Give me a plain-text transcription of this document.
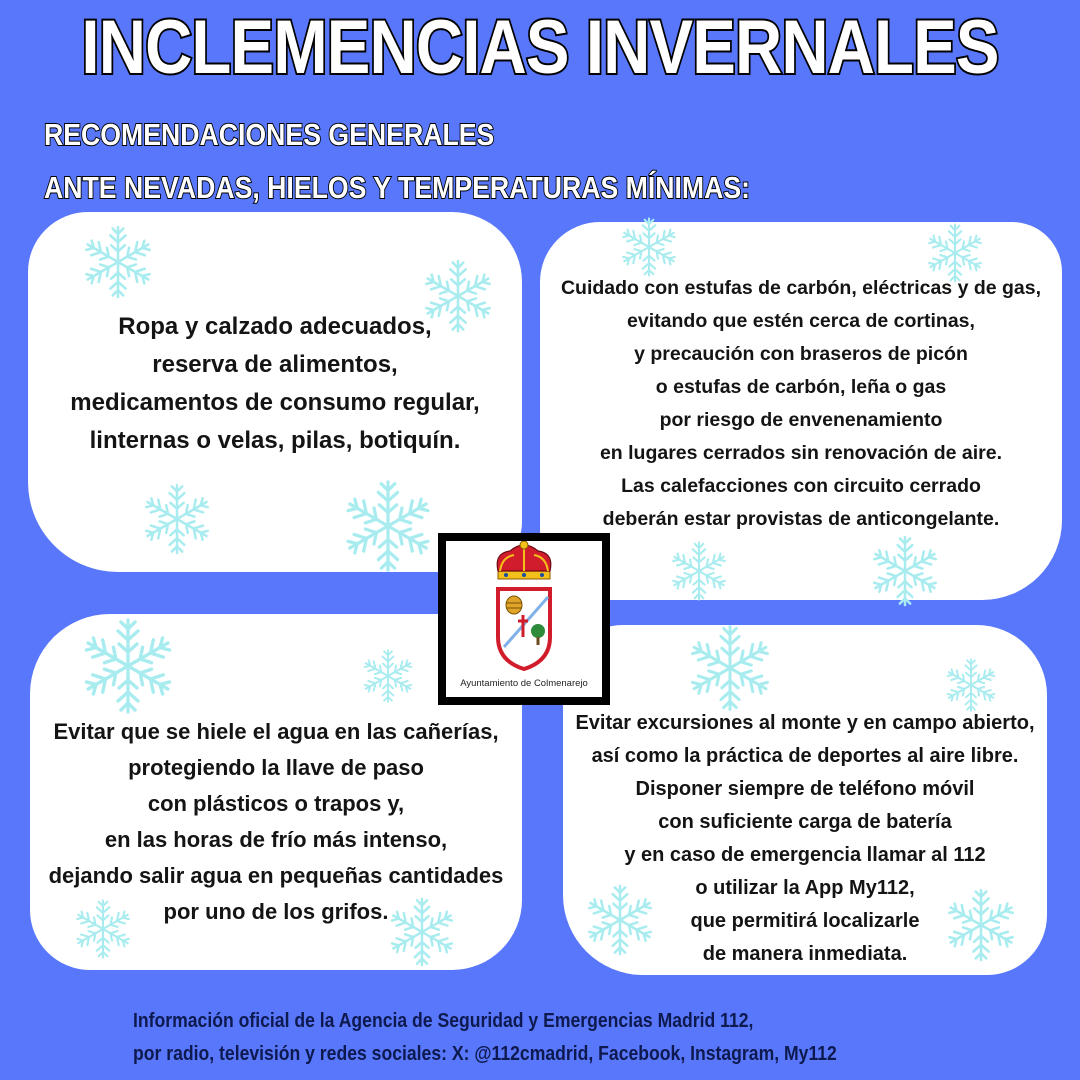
INCLEMENCIAS INVERNALES
RECOMENDACIONES GENERALES
ANTE NEVADAS, HIELOS Y TEMPERATURAS MÍNIMAS:
Ropa y calzado adecuados,
reserva de alimentos,
medicamentos de consumo regular,
linternas o velas, pilas, botiquín.
Cuidado con estufas de carbón, eléctricas y de gas,
evitando que estén cerca de cortinas,
y precaución con braseros de picón
o estufas de carbón, leña o gas
por riesgo de envenenamiento
en lugares cerrados sin renovación de aire.
Las calefacciones con circuito cerrado
deberán estar provistas de anticongelante.
Evitar que se hiele el agua en las cañerías,
protegiendo la llave de paso
con plásticos o trapos y,
en las horas de frío más intenso,
dejando salir agua en pequeñas cantidades
por uno de los grifos.
Evitar excursiones al monte y en campo abierto,
así como la práctica de deportes al aire libre.
Disponer siempre de teléfono móvil
con suficiente carga de batería
y en caso de emergencia llamar al 112
o utilizar la App My112,
que permitirá localizarle
de manera inmediata.
Ayuntamiento de Colmenarejo
Información oficial de la Agencia de Seguridad y Emergencias Madrid 112,
por radio, televisión y redes sociales: X: @112cmadrid, Facebook, Instagram, My112
